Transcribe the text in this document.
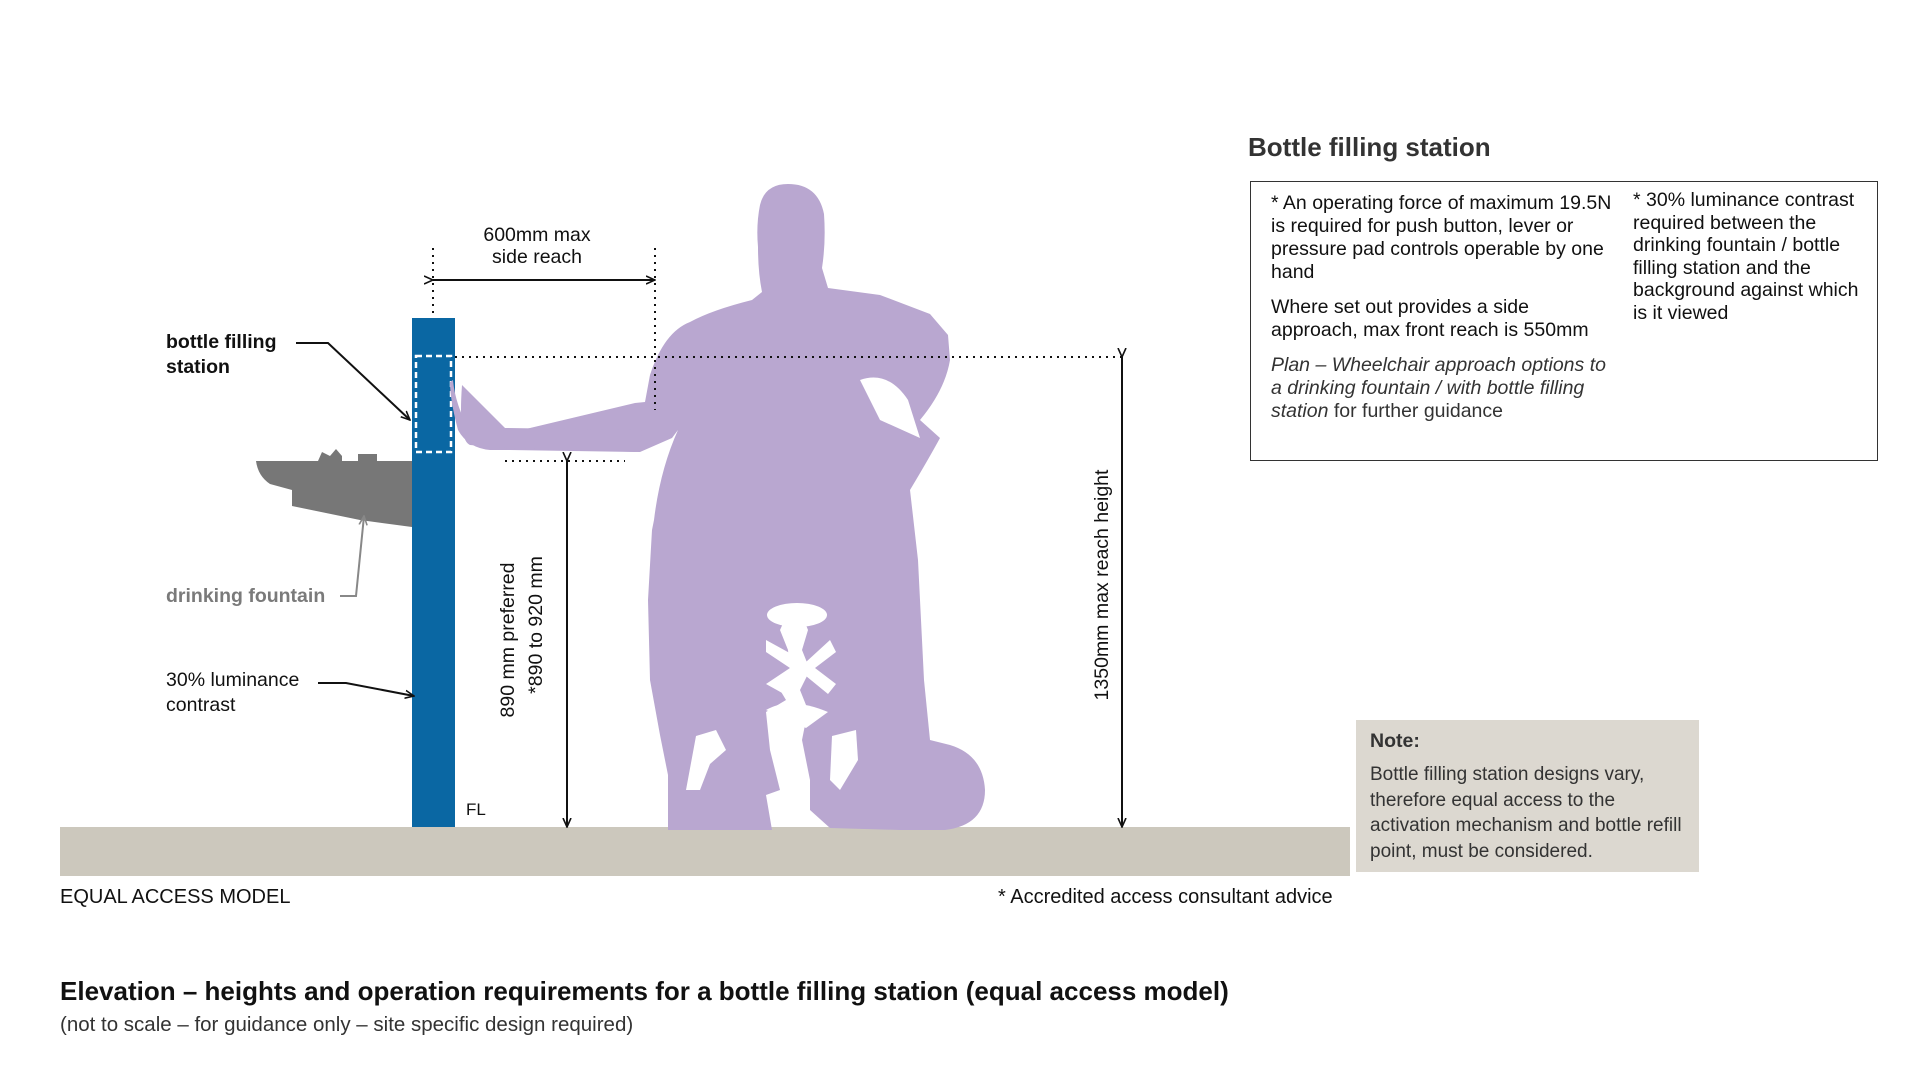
890 mm preferred *890 to 920 mm	1350mm max reach height
600mm max
side reach
bottle filling
station
drinking fountain
30% luminance
contrast
FL
Bottle filling station

* An operating force of maximum 19.5N is required for push button, lever or pressure pad controls operable by one hand

Where set out provides a side approach, max front reach is 550mm

Plan – Wheelchair approach options to a drinking fountain / with bottle filling station for further guidance

* 30% luminance contrast required between the drinking fountain / bottle filling station and the background against which is it viewed
Note:
Bottle filling station designs vary, therefore equal access to the activation mechanism and bottle refill point, must be considered.
EQUAL ACCESS MODEL	* Accredited access consultant advice
Elevation – heights and operation requirements for a bottle filling station (equal access model)
(not to scale – for guidance only – site specific design required)
